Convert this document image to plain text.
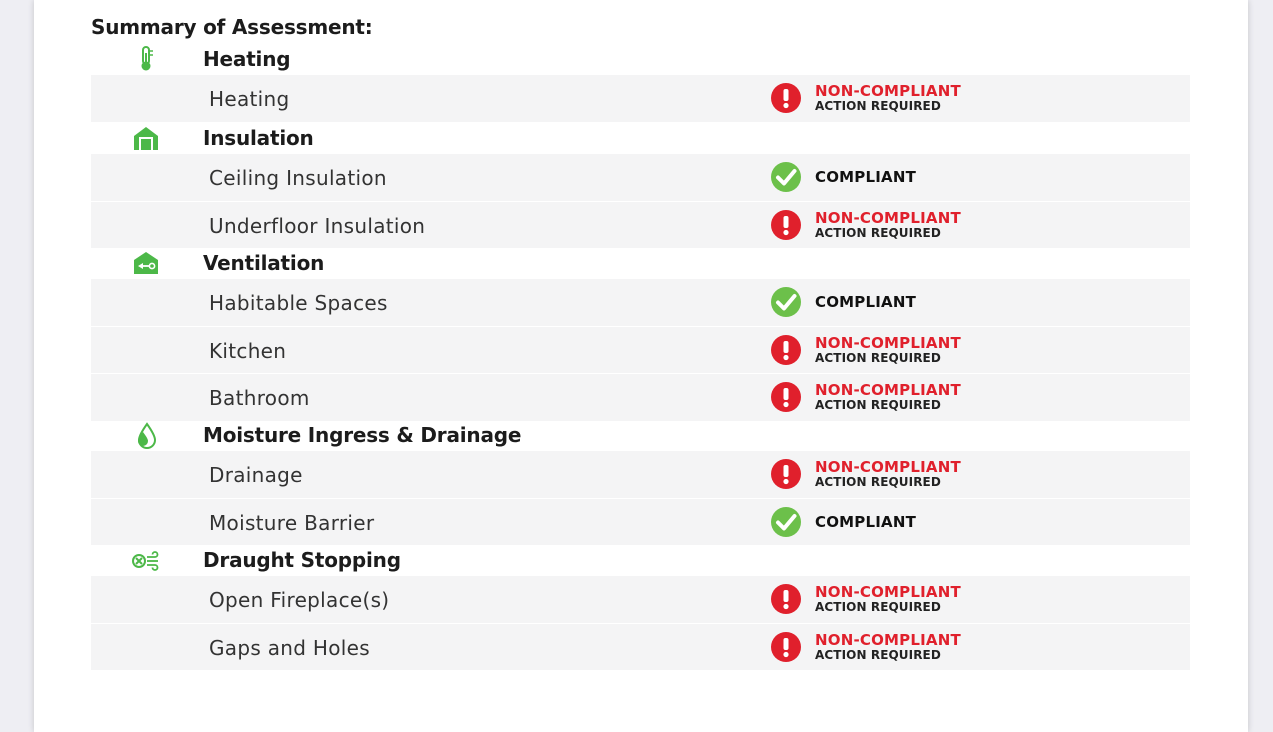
Summary of Assessment:
Heating
Heating	NON-COMPLIANT
ACTION REQUIRED
Insulation
Ceiling Insulation	COMPLIANT
Underfloor Insulation	NON-COMPLIANT
ACTION REQUIRED
Ventilation
Habitable Spaces	COMPLIANT
Kitchen	NON-COMPLIANT
ACTION REQUIRED
Bathroom	NON-COMPLIANT
ACTION REQUIRED
Moisture Ingress & Drainage
Drainage	NON-COMPLIANT
ACTION REQUIRED
Moisture Barrier	COMPLIANT
Draught Stopping
Open Fireplace(s)	NON-COMPLIANT
ACTION REQUIRED
Gaps and Holes	NON-COMPLIANT
ACTION REQUIRED
